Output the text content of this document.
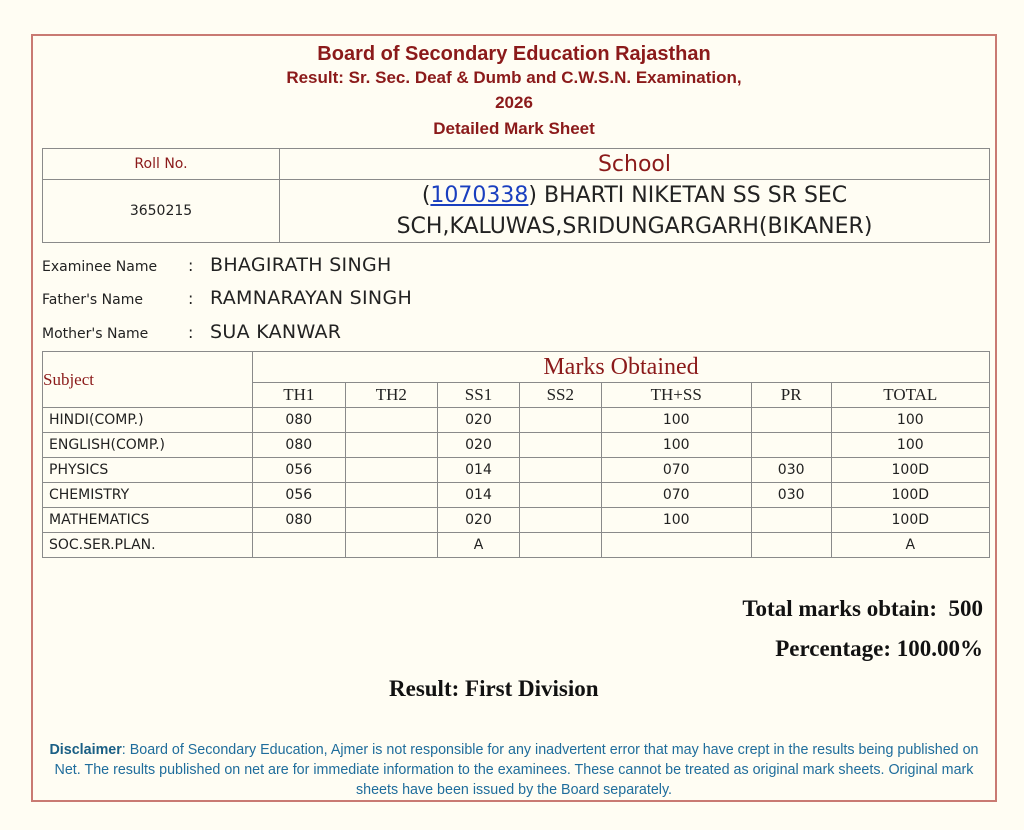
Board of Secondary Education Rajasthan
Result: Sr. Sec. Deaf & Dumb and C.W.S.N. Examination,
2026
Detailed Mark Sheet
Roll No.	School
3650215	(1070338) BHARTI NIKETAN SS SR SEC
SCH,KALUWAS,SRIDUNGARGARH(BIKANER)
Examinee Name : BHAGIRATH SINGH
Father's Name	: RAMNARAYAN SINGH
Mother's Name : SUA KANWAR
Subject	Marks Obtained						
	TH1	TH2	SS1	SS2	TH+SS	PR	TOTAL
HINDI(COMP.)	080		020		100		100
ENGLISH(COMP.)	080		020		100		100
PHYSICS	056		014		070	030	100D
CHEMISTRY	056		014		070	030	100D
MATHEMATICS	080		020		100		100D
SOC.SER.PLAN.			A				A
Total marks obtain: 500
Percentage: 100.00%
Result: First Division
Disclaimer: Board of Secondary Education, Ajmer is not responsible for any inadvertent error that may have crept in the results being published on Net. The results published on net are for immediate information to the examinees. These cannot be treated as original mark sheets. Original mark sheets have been issued by the Board separately.
